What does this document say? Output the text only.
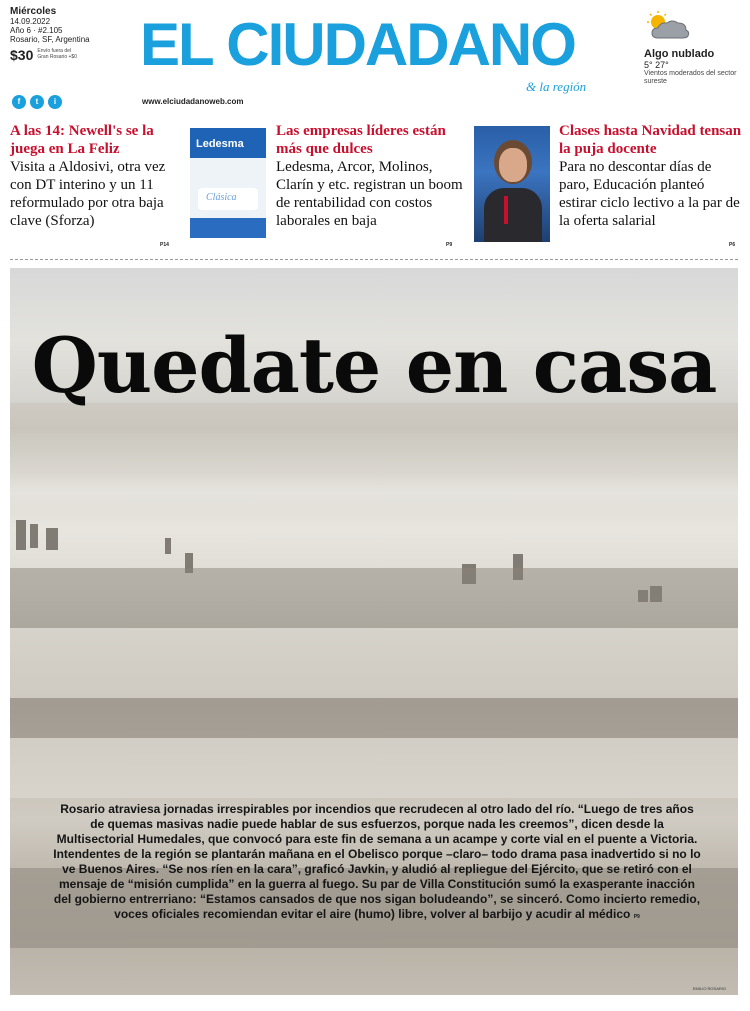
Miércoles
14.09.2022
Año 6 · #2.105
Rosario, SF, Argentina
$30 Envío fuera del Gran Rosario +$0	EL CIUDADANO
& la región
Algo nublado
5° 27°
Vientos moderados del sector sureste
f	t	i	www.elciudadanoweb.com
A las 14: Newell's se la juega en La Feliz
Visita a Aldosivi, otra vez con DT interino y un 11 reformulado por otra baja clave (Sforza)
P14
Ledesma
Clásica
Las empresas líderes están más que dulces
Ledesma, Arcor, Molinos, Clarín y etc. registran un boom de rentabilidad con costos laborales en baja
P9
Clases hasta Navidad tensan la puja docente
Para no descontar días de paro, Educación planteó estirar ciclo lectivo a la par de la oferta salarial
P6
Quedate en casa
Rosario atraviesa jornadas irrespirables por incendios que recrudecen al otro lado del río. “Luego de tres años de quemas masivas nadie puede hablar de sus esfuerzos, porque nada les creemos”, dicen desde la Multisectorial Humedales, que convocó para este fin de semana a un acampe y corte vial en el puente a Victoria. Intendentes de la región se plantarán mañana en el Obelisco porque –claro– todo drama pasa inadvertido si no lo ve Buenos Aires. “Se nos ríen en la cara”, graficó Javkin, y aludió al repliegue del Ejército, que se retiró con el mensaje de “misión cumplida” en la guerra al fuego. Su par de Villa Constitución sumó la exasperante inacción del gobierno entrerriano: “Estamos cansados de que nos sigan boludeando”, se sinceró. Como incierto remedio, voces oficiales recomiendan evitar el aire (humo) libre, volver al barbijo y acudir al médico P9
EMILIO ROSARIO
